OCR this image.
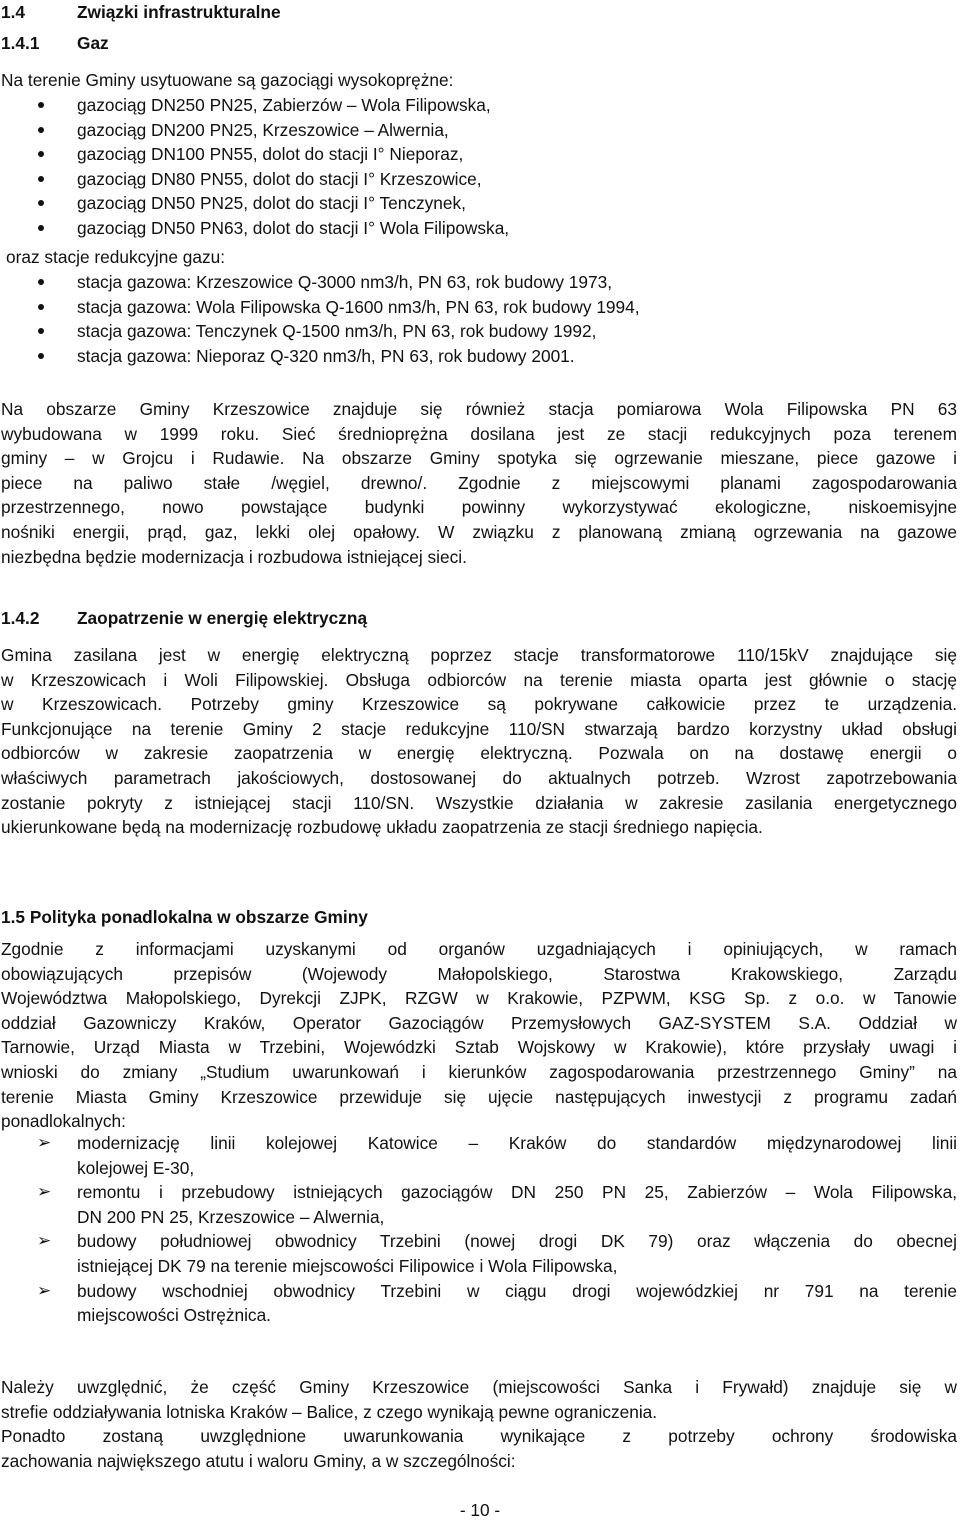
1.4	Związki infrastrukturalne
1.4.1 Gaz
Na terenie Gminy usytuowane są gazociągi wysokoprężne:
gazociąg DN250 PN25, Zabierzów – Wola Filipowska,
gazociąg DN200 PN25, Krzeszowice – Alwernia,
gazociąg DN100 PN55, dolot do stacji I° Nieporaz,
gazociąg DN80 PN55, dolot do stacji I° Krzeszowice,
gazociąg DN50 PN25, dolot do stacji I° Tenczynek,
gazociąg DN50 PN63, dolot do stacji I° Wola Filipowska,
oraz stacje redukcyjne gazu:
stacja gazowa: Krzeszowice Q-3000 nm3/h, PN 63, rok budowy 1973,
stacja gazowa: Wola Filipowska Q-1600 nm3/h, PN 63, rok budowy 1994,
stacja gazowa: Tenczynek Q-1500 nm3/h, PN 63, rok budowy 1992,
stacja gazowa: Nieporaz Q-320 nm3/h, PN 63, rok budowy 2001.
Na obszarze Gminy Krzeszowice znajduje się również stacja pomiarowa Wola Filipowska PN 63
wybudowana w 1999 roku. Sieć średnioprężna dosilana jest ze stacji redukcyjnych poza terenem
gminy – w Grojcu i Rudawie. Na obszarze Gminy spotyka się ogrzewanie mieszane, piece gazowe i
piece na paliwo stałe /węgiel, drewno/. Zgodnie z miejscowymi planami zagospodarowania
przestrzennego, nowo powstające budynki powinny wykorzystywać ekologiczne, niskoemisyjne
nośniki energii, prąd, gaz, lekki olej opałowy. W związku z planowaną zmianą ogrzewania na gazowe
niezbędna będzie modernizacja i rozbudowa istniejącej sieci.
1.4.2 Zaopatrzenie w energię elektryczną
Gmina zasilana jest w energię elektryczną poprzez stacje transformatorowe 110/15kV znajdujące się
w Krzeszowicach i Woli Filipowskiej. Obsługa odbiorców na terenie miasta oparta jest głównie o stację
w Krzeszowicach. Potrzeby gminy Krzeszowice są pokrywane całkowicie przez te urządzenia.
Funkcjonujące na terenie Gminy 2 stacje redukcyjne 110/SN stwarzają bardzo korzystny układ obsługi
odbiorców w zakresie zaopatrzenia w energię elektryczną. Pozwala on na dostawę energii o
właściwych parametrach jakościowych, dostosowanej do aktualnych potrzeb. Wzrost zapotrzebowania
zostanie pokryty z istniejącej stacji 110/SN. Wszystkie działania w zakresie zasilania energetycznego
ukierunkowane będą na modernizację rozbudowę układu zaopatrzenia ze stacji średniego napięcia.
1.5 Polityka ponadlokalna w obszarze Gminy
Zgodnie z informacjami uzyskanymi od organów uzgadniających i opiniujących, w ramach
obowiązujących przepisów (Wojewody Małopolskiego, Starostwa Krakowskiego, Zarządu
Województwa Małopolskiego, Dyrekcji ZJPK, RZGW w Krakowie, PZPWM, KSG Sp. z o.o. w Tanowie
oddział Gazowniczy Kraków, Operator Gazociągów Przemysłowych GAZ-SYSTEM S.A. Oddział w
Tarnowie, Urząd Miasta w Trzebini, Wojewódzki Sztab Wojskowy w Krakowie), które przysłały uwagi i
wnioski do zmiany „Studium uwarunkowań i kierunków zagospodarowania przestrzennego Gminy” na
terenie Miasta Gminy Krzeszowice przewiduje się ujęcie następujących inwestycji z programu zadań
ponadlokalnych:
➢ modernizację linii kolejowej Katowice – Kraków do standardów międzynarodowej linii
kolejowej E-30,
➢ remontu i przebudowy istniejących gazociągów DN 250 PN 25, Zabierzów – Wola Filipowska,
DN 200 PN 25, Krzeszowice – Alwernia,
➢ budowy południowej obwodnicy Trzebini (nowej drogi DK 79) oraz włączenia do obecnej
istniejącej DK 79 na terenie miejscowości Filipowice i Wola Filipowska,
➢ budowy wschodniej obwodnicy Trzebini w ciągu drogi wojewódzkiej nr 791 na terenie
miejscowości Ostrężnica.
Należy uwzględnić, że część Gminy Krzeszowice (miejscowości Sanka i Frywałd) znajduje się w
strefie oddziaływania lotniska Kraków – Balice, z czego wynikają pewne ograniczenia.
Ponadto zostaną uwzględnione uwarunkowania wynikające z potrzeby ochrony środowiska
zachowania największego atutu i waloru Gminy, a w szczególności:
- 10 -
